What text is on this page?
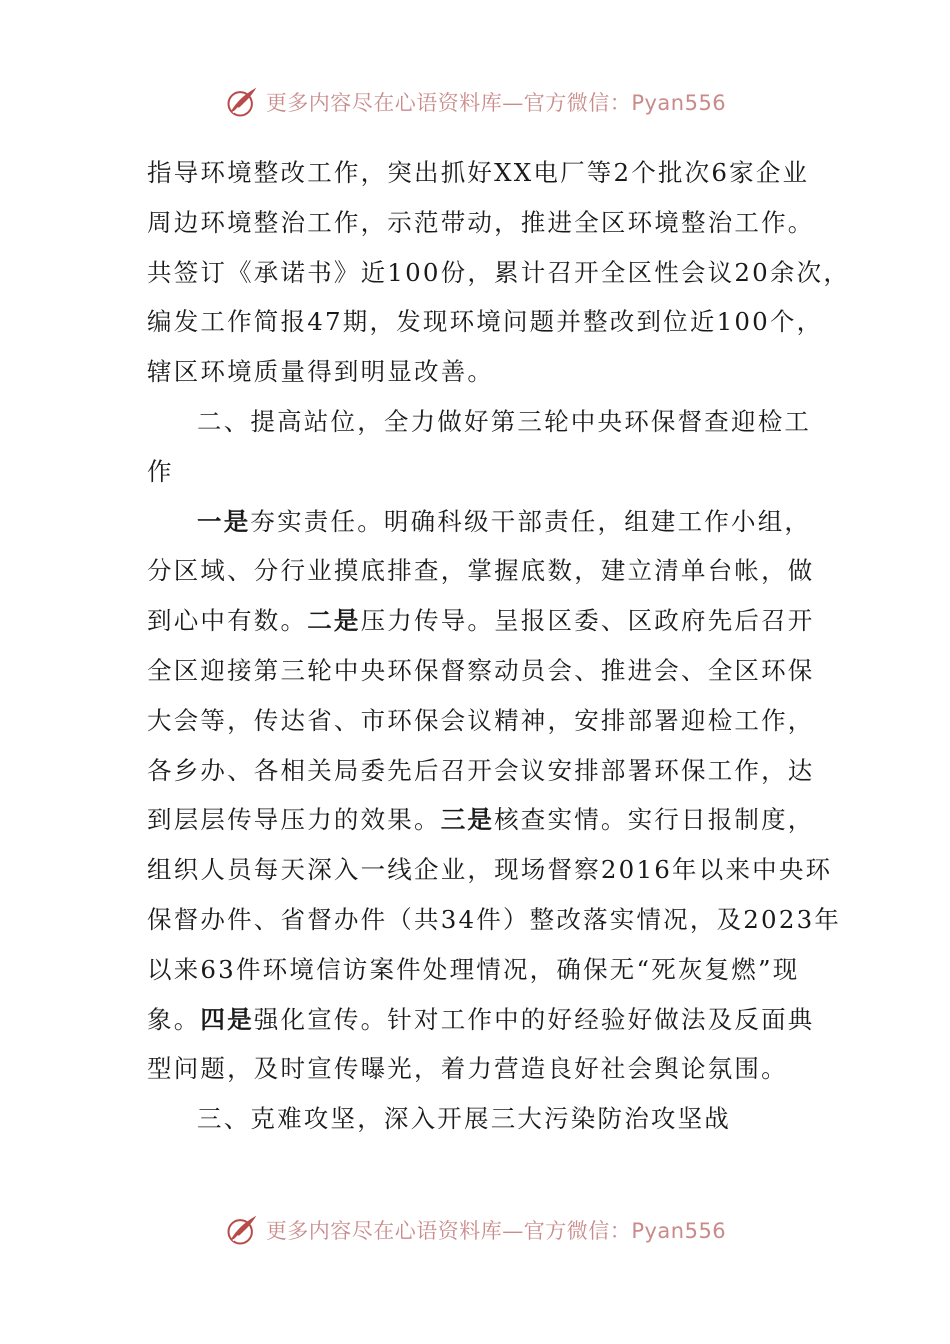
更多内容尽在心语资料库—官方微信：Pyan556
指导环境整改工作，突出抓好XX电厂等2个批次6家企业
周边环境整治工作，示范带动，推进全区环境整治工作。
共签订《承诺书》近100份，累计召开全区性会议20余次，
编发工作简报47期，发现环境问题并整改到位近100个，
辖区环境质量得到明显改善。
二、提高站位，全力做好第三轮中央环保督查迎检工
作
一是夯实责任。明确科级干部责任，组建工作小组，
分区域、分行业摸底排查，掌握底数，建立清单台帐，做
到心中有数。二是压力传导。呈报区委、区政府先后召开
全区迎接第三轮中央环保督察动员会、推进会、全区环保
大会等，传达省、市环保会议精神，安排部署迎检工作，
各乡办、各相关局委先后召开会议安排部署环保工作，达
到层层传导压力的效果。三是核查实情。实行日报制度，
组织人员每天深入一线企业，现场督察2016年以来中央环
保督办件、省督办件（共34件）整改落实情况，及2023年
以来63件环境信访案件处理情况，确保无“死灰复燃”现
象。四是强化宣传。针对工作中的好经验好做法及反面典
型问题，及时宣传曝光，着力营造良好社会舆论氛围。
三、克难攻坚，深入开展三大污染防治攻坚战
更多内容尽在心语资料库—官方微信：Pyan556
